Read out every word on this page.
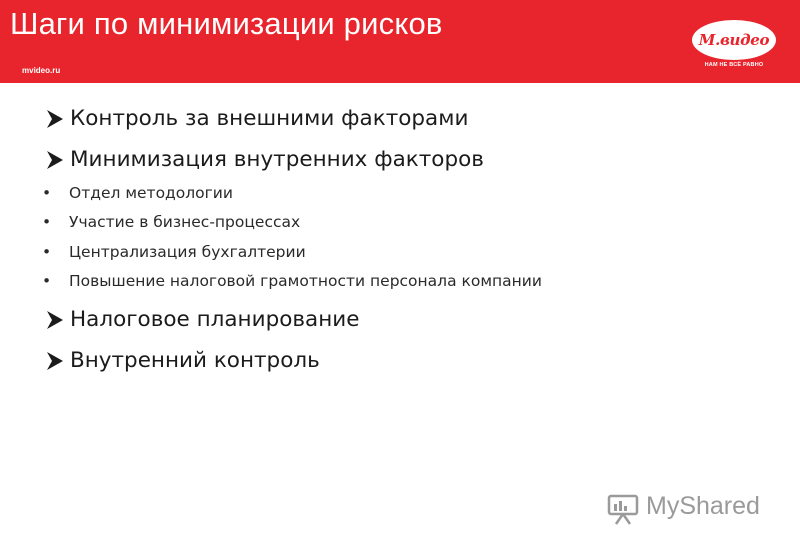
Шаги по минимизации рисков
mvideo.ru
М.видео
НАМ НЕ ВСЁ РАВНО
Контроль за внешними факторами
Минимизация внутренних факторов
• Отдел методологии
• Участие в бизнес-процессах
• Централизация бухгалтерии
• Повышение налоговой грамотности персонала компании
Налоговое планирование
Внутренний контроль
MyShared
